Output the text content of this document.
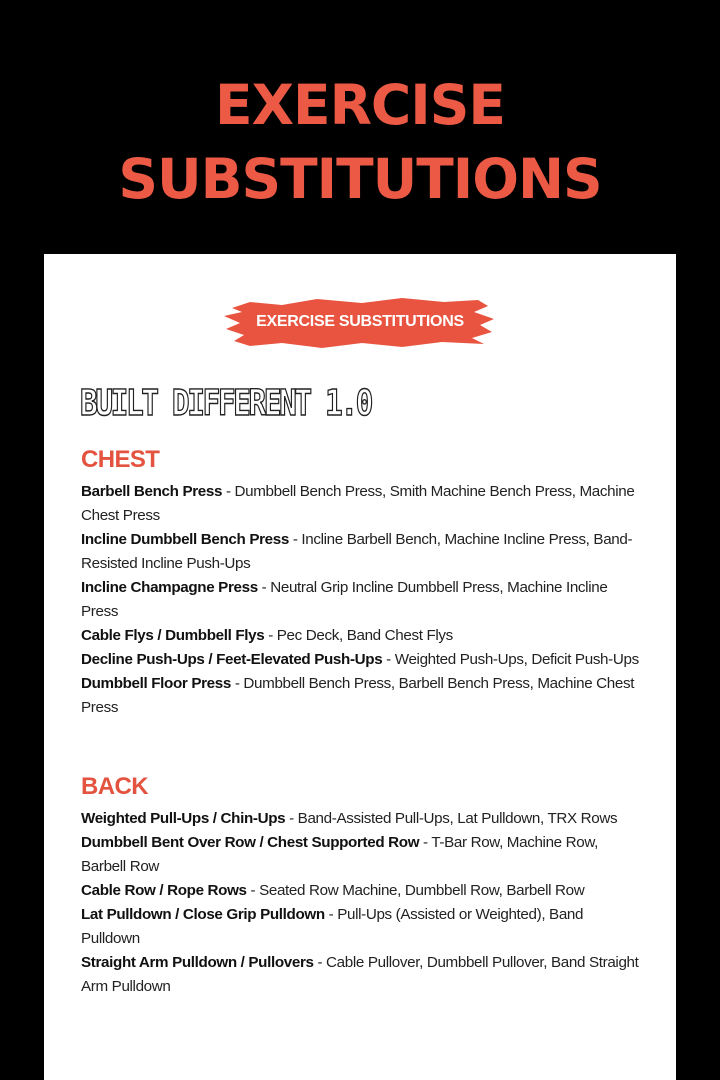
EXERCISE
SUBSTITUTIONS
EXERCISE SUBSTITUTIONS
BUILT DIFFERENT 1.0
CHEST
Barbell Bench Press - Dumbbell Bench Press, Smith Machine Bench Press, Machine Chest Press
Incline Dumbbell Bench Press - Incline Barbell Bench, Machine Incline Press, Band-Resisted Incline Push-Ups
Incline Champagne Press - Neutral Grip Incline Dumbbell Press, Machine Incline Press
Cable Flys / Dumbbell Flys - Pec Deck, Band Chest Flys
Decline Push-Ups / Feet-Elevated Push-Ups - Weighted Push-Ups, Deficit Push-Ups
Dumbbell Floor Press - Dumbbell Bench Press, Barbell Bench Press, Machine Chest Press
BACK
Weighted Pull-Ups / Chin-Ups - Band-Assisted Pull-Ups, Lat Pulldown, TRX Rows
Dumbbell Bent Over Row / Chest Supported Row - T-Bar Row, Machine Row, Barbell Row
Cable Row / Rope Rows - Seated Row Machine, Dumbbell Row, Barbell Row
Lat Pulldown / Close Grip Pulldown - Pull-Ups (Assisted or Weighted), Band Pulldown
Straight Arm Pulldown / Pullovers - Cable Pullover, Dumbbell Pullover, Band Straight Arm Pulldown
